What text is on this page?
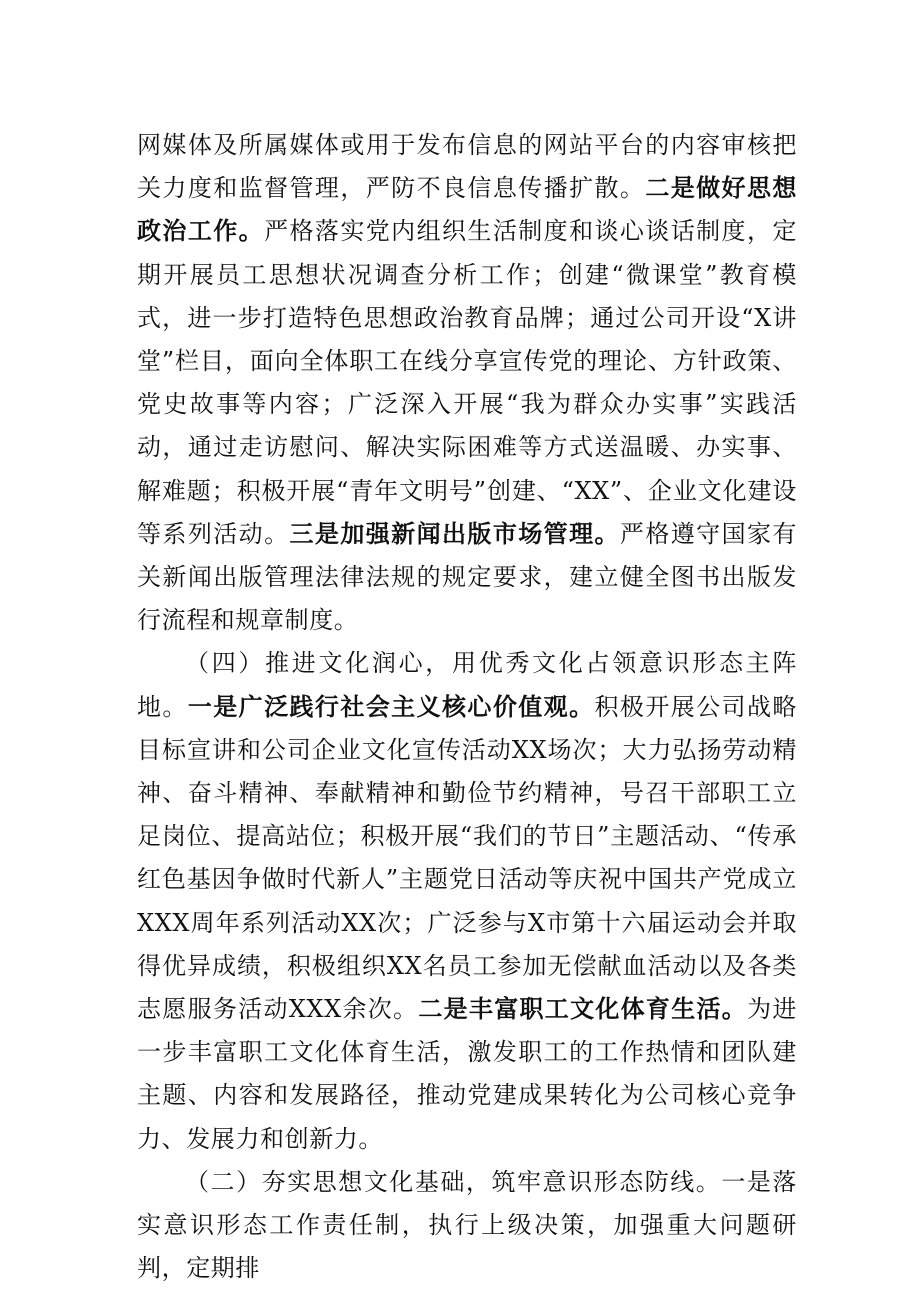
网媒体及所属媒体或用于发布信息的网站平台的内容审核把关力度和监督管理，严防不良信息传播扩散。二是做好思想政治工作。严格落实党内组织生活制度和谈心谈话制度，定期开展员工思想状况调查分析工作；创建“微课堂”教育模式，进一步打造特色思想政治教育品牌；通过公司开设“X讲堂”栏目，面向全体职工在线分享宣传党的理论、方针政策、党史故事等内容；广泛深入开展“我为群众办实事”实践活动，通过走访慰问、解决实际困难等方式送温暖、办实事、解难题；积极开展“青年文明号”创建、“XX”、企业文化建设等系列活动。三是加强新闻出版市场管理。严格遵守国家有关新闻出版管理法律法规的规定要求，建立健全图书出版发行流程和规章制度。

（四）推进文化润心，用优秀文化占领意识形态主阵地。一是广泛践行社会主义核心价值观。积极开展公司战略目标宣讲和公司企业文化宣传活动XX场次；大力弘扬劳动精神、奋斗精神、奉献精神和勤俭节约精神，号召干部职工立足岗位、提高站位；积极开展“我们的节日”主题活动、“传承红色基因争做时代新人”主题党日活动等庆祝中国共产党成立XXX周年系列活动XX次；广泛参与X市第十六届运动会并取得优异成绩，积极组织XX名员工参加无偿献血活动以及各类志愿服务活动XXX余次。二是丰富职工文化体育生活。为进一步丰富职工文化体育生活，激发职工的工作热情和团队建主题、内容和发展路径，推动党建成果转化为公司核心竞争力、发展力和创新力。

（二）夯实思想文化基础，筑牢意识形态防线。一是落实意识形态工作责任制，执行上级决策，加强重大问题研判，定期排
